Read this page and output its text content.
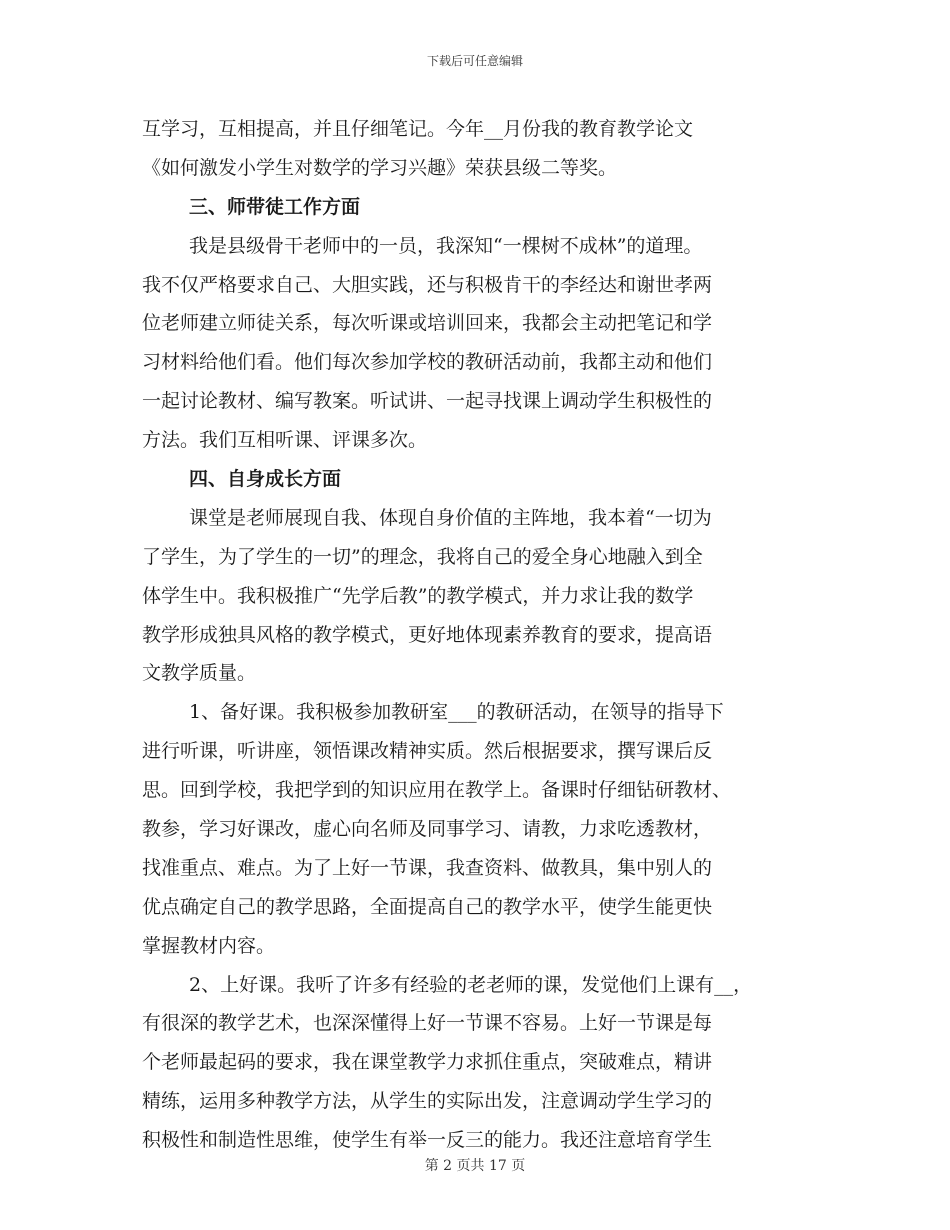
下载后可任意编辑
互学习，互相提高，并且仔细笔记。今年__月份我的教育教学论文
《如何激发小学生对数学的学习兴趣》荣获县级二等奖。
三、师带徒工作方面
我是县级骨干老师中的一员，我深知“一棵树不成林”的道理。
我不仅严格要求自己、大胆实践，还与积极肯干的李经达和谢世孝两
位老师建立师徒关系，每次听课或培训回来，我都会主动把笔记和学
习材料给他们看。他们每次参加学校的教研活动前，我都主动和他们
一起讨论教材、编写教案。听试讲、一起寻找课上调动学生积极性的
方法。我们互相听课、评课多次。
四、自身成长方面
课堂是老师展现自我、体现自身价值的主阵地，我本着“一切为
了学生，为了学生的一切”的理念，我将自己的爱全身心地融入到全
体学生中。我积极推广“先学后教”的教学模式，并力求让我的数学
教学形成独具风格的教学模式，更好地体现素养教育的要求，提高语
文教学质量。
1、备好课。我积极参加教研室___的教研活动，在领导的指导下
进行听课，听讲座，领悟课改精神实质。然后根据要求，撰写课后反
思。回到学校，我把学到的知识应用在教学上。备课时仔细钻研教材、
教参，学习好课改，虚心向名师及同事学习、请教，力求吃透教材，
找准重点、难点。为了上好一节课，我查资料、做教具，集中别人的
优点确定自己的教学思路，全面提高自己的教学水平，使学生能更快
掌握教材内容。
2、上好课。我听了许多有经验的老老师的课，发觉他们上课有__，
有很深的教学艺术，也深深懂得上好一节课不容易。上好一节课是每
个老师最起码的要求，我在课堂教学力求抓住重点，突破难点，精讲
精练，运用多种教学方法，从学生的实际出发，注意调动学生学习的
积极性和制造性思维，使学生有举一反三的能力。我还注意培育学生
第 2 页共 17 页
